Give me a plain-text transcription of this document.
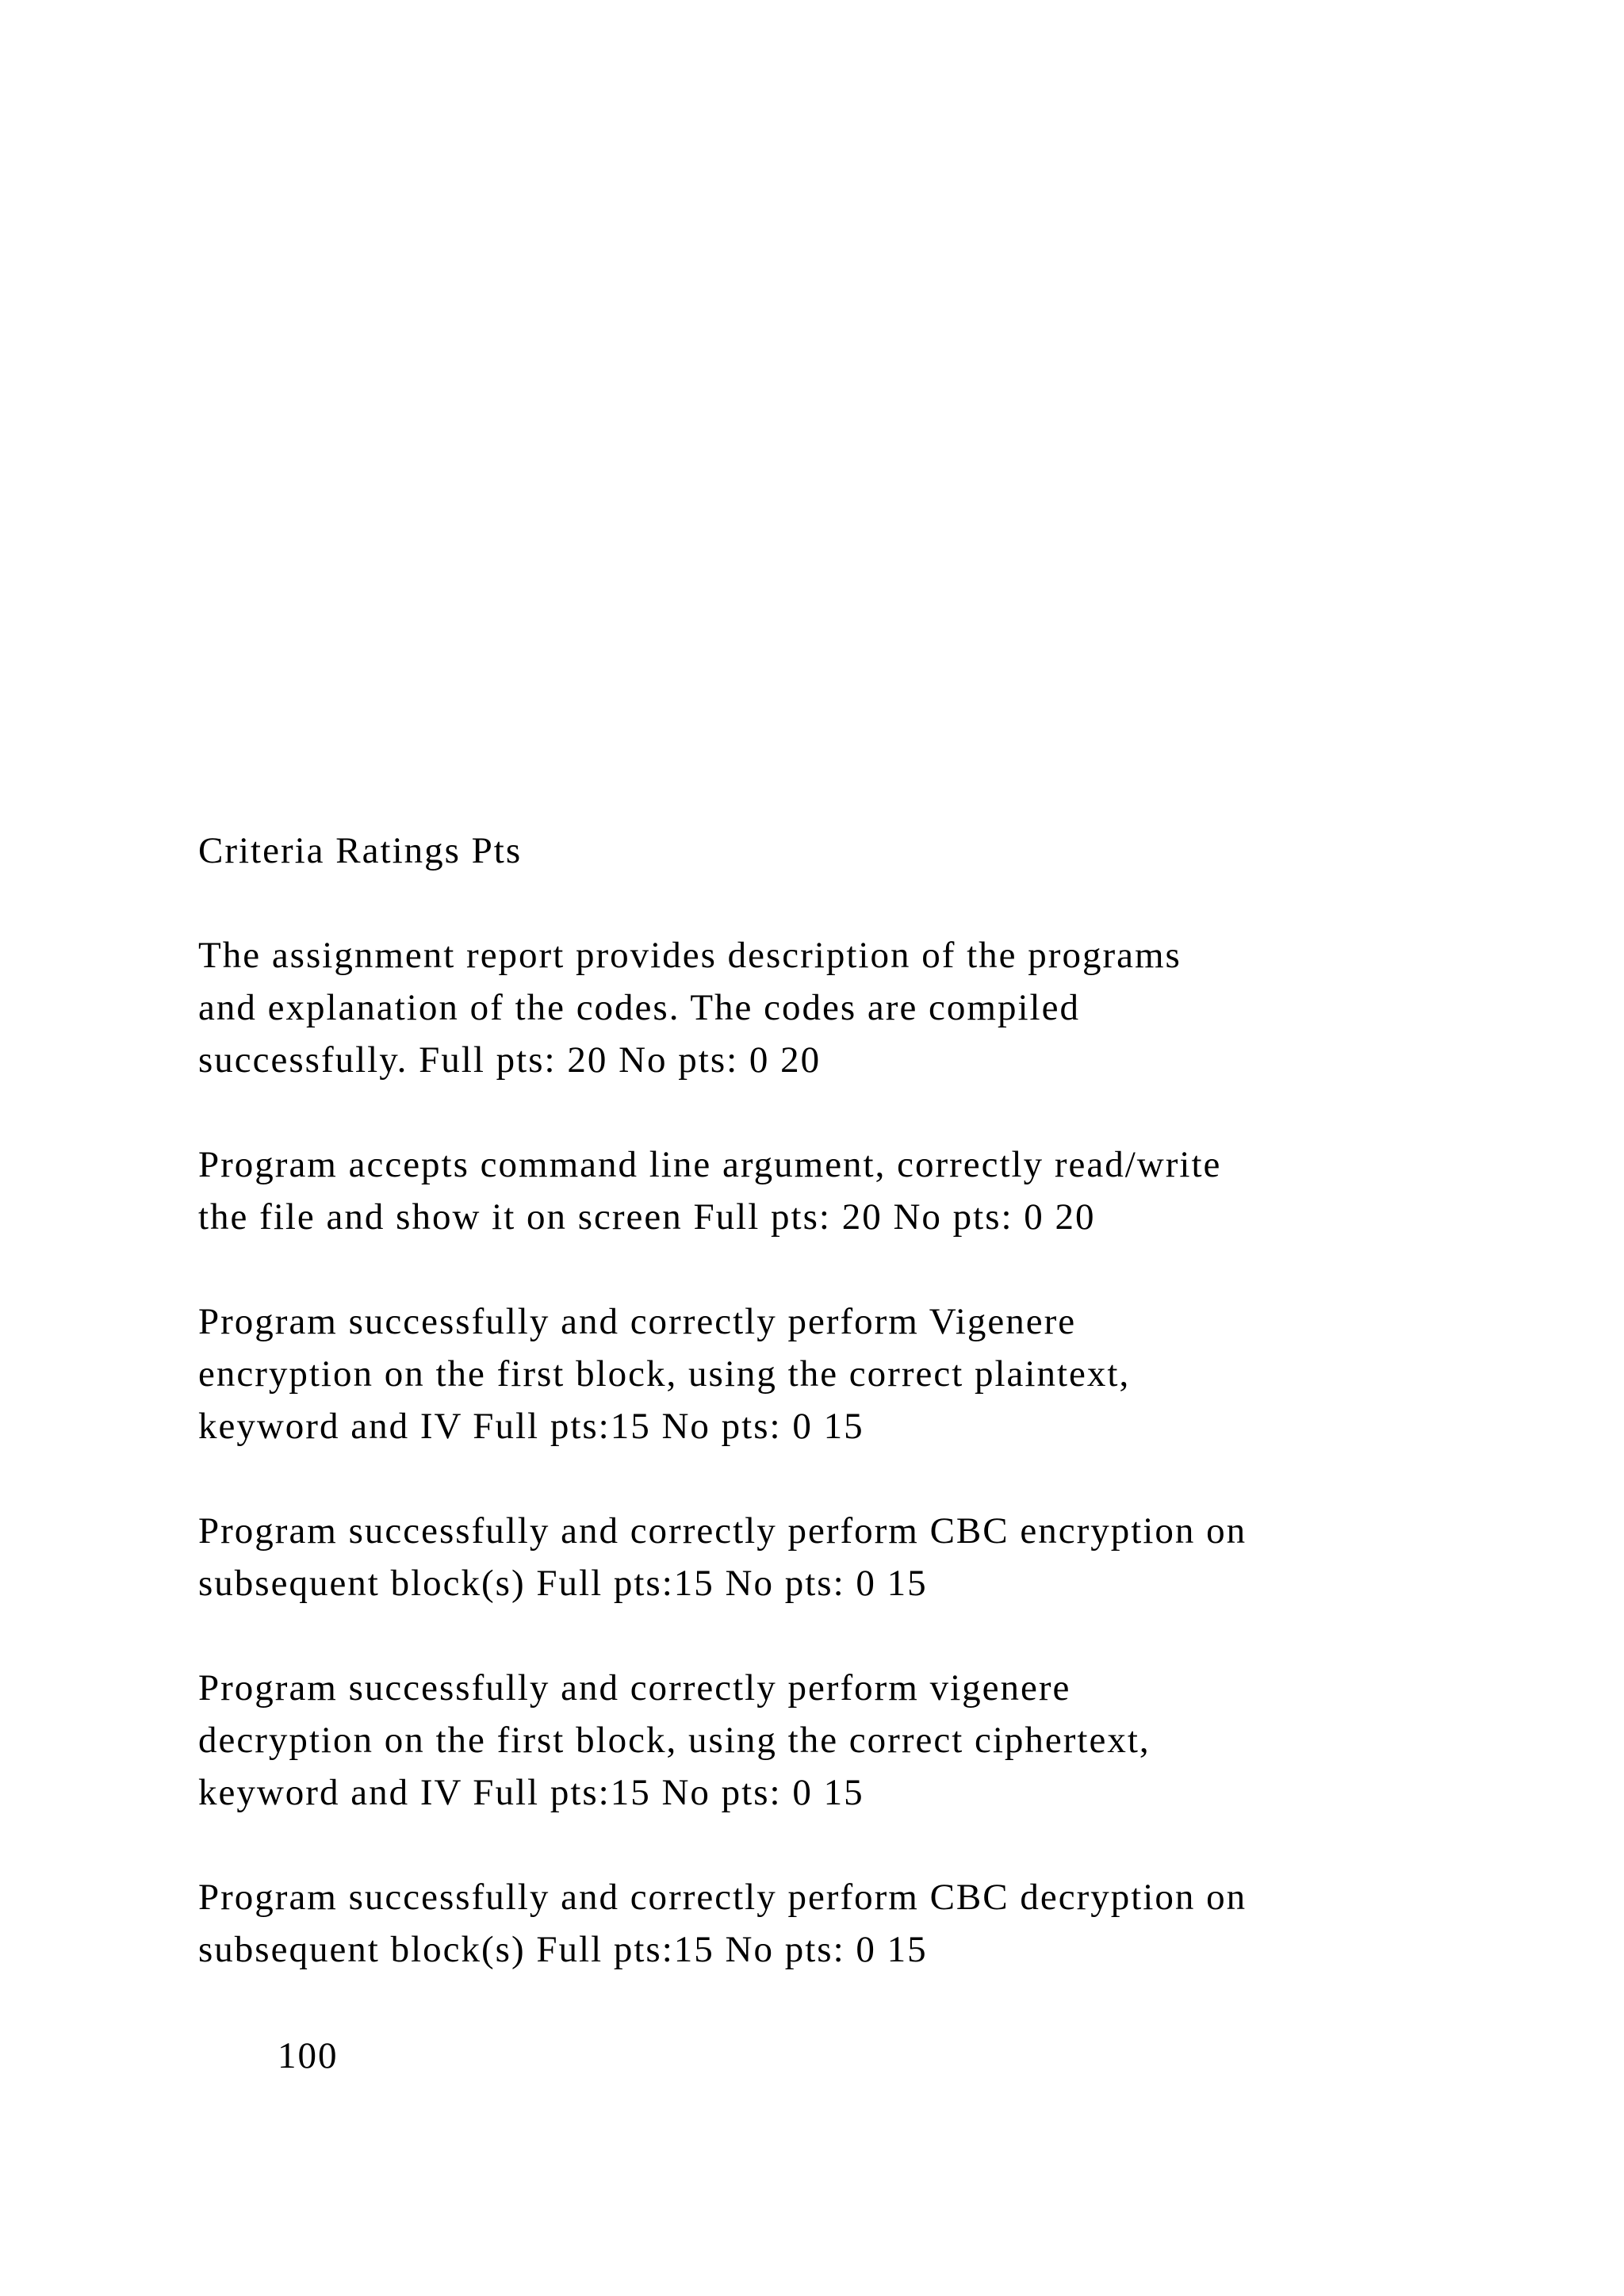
Criteria Ratings Pts

The assignment report provides description of the programs
and explanation of the codes. The codes are compiled
successfully. Full pts: 20 No pts: 0 20
Program accepts command line argument, correctly read/write
the file and show it on screen Full pts: 20 No pts: 0 20
Program successfully and correctly perform Vigenere
encryption on the first block, using the correct plaintext,
keyword and IV Full pts:15 No pts: 0 15
Program successfully and correctly perform CBC encryption on
subsequent block(s) Full pts:15 No pts: 0 15
Program successfully and correctly perform vigenere
decryption on the first block, using the correct ciphertext,
keyword and IV Full pts:15 No pts: 0 15
Program successfully and correctly perform CBC decryption on
subsequent block(s) Full pts:15 No pts: 0 15
100
